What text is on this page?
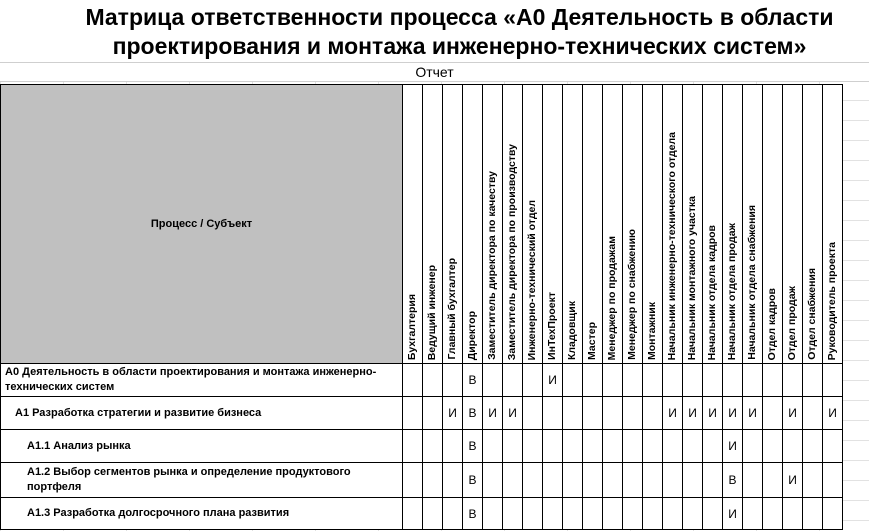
Матрица ответственности процесса «А0 Деятельность в области
проектирования и монтажа инженерно-технических систем»
Отчет
Процесс / Субъект	Бухгалтерия	Ведущий инженер	Главный бухгалтер	Директор	Заместитель директора по качеству	Заместитель директора по производству	Инженерно-технический отдел	ИнТехПроект	Кладовщик	Мастер	Менеджер по продажам	Менеджер по снабжению	Монтажник	Начальник инженерно-технического отдела	Начальник монтажного участка	Начальник отдела кадров	Начальник отдела продаж	Начальник отдела снабжения	Отдел кадров	Отдел продаж	Отдел снабжения	Руководитель проекта

А0 Деятельность в области проектирования и монтажа инженерно-технических систем				В				И														
А1 Разработка стратегии и развитие бизнеса			И	В	И	И								И	И	И	И	И		И		И
А1.1 Анализ рынка				В													И					
А1.2 Выбор сегментов рынка и определение продуктового портфеля				В													В			И		
А1.3 Разработка долгосрочного плана развития				В													И					
